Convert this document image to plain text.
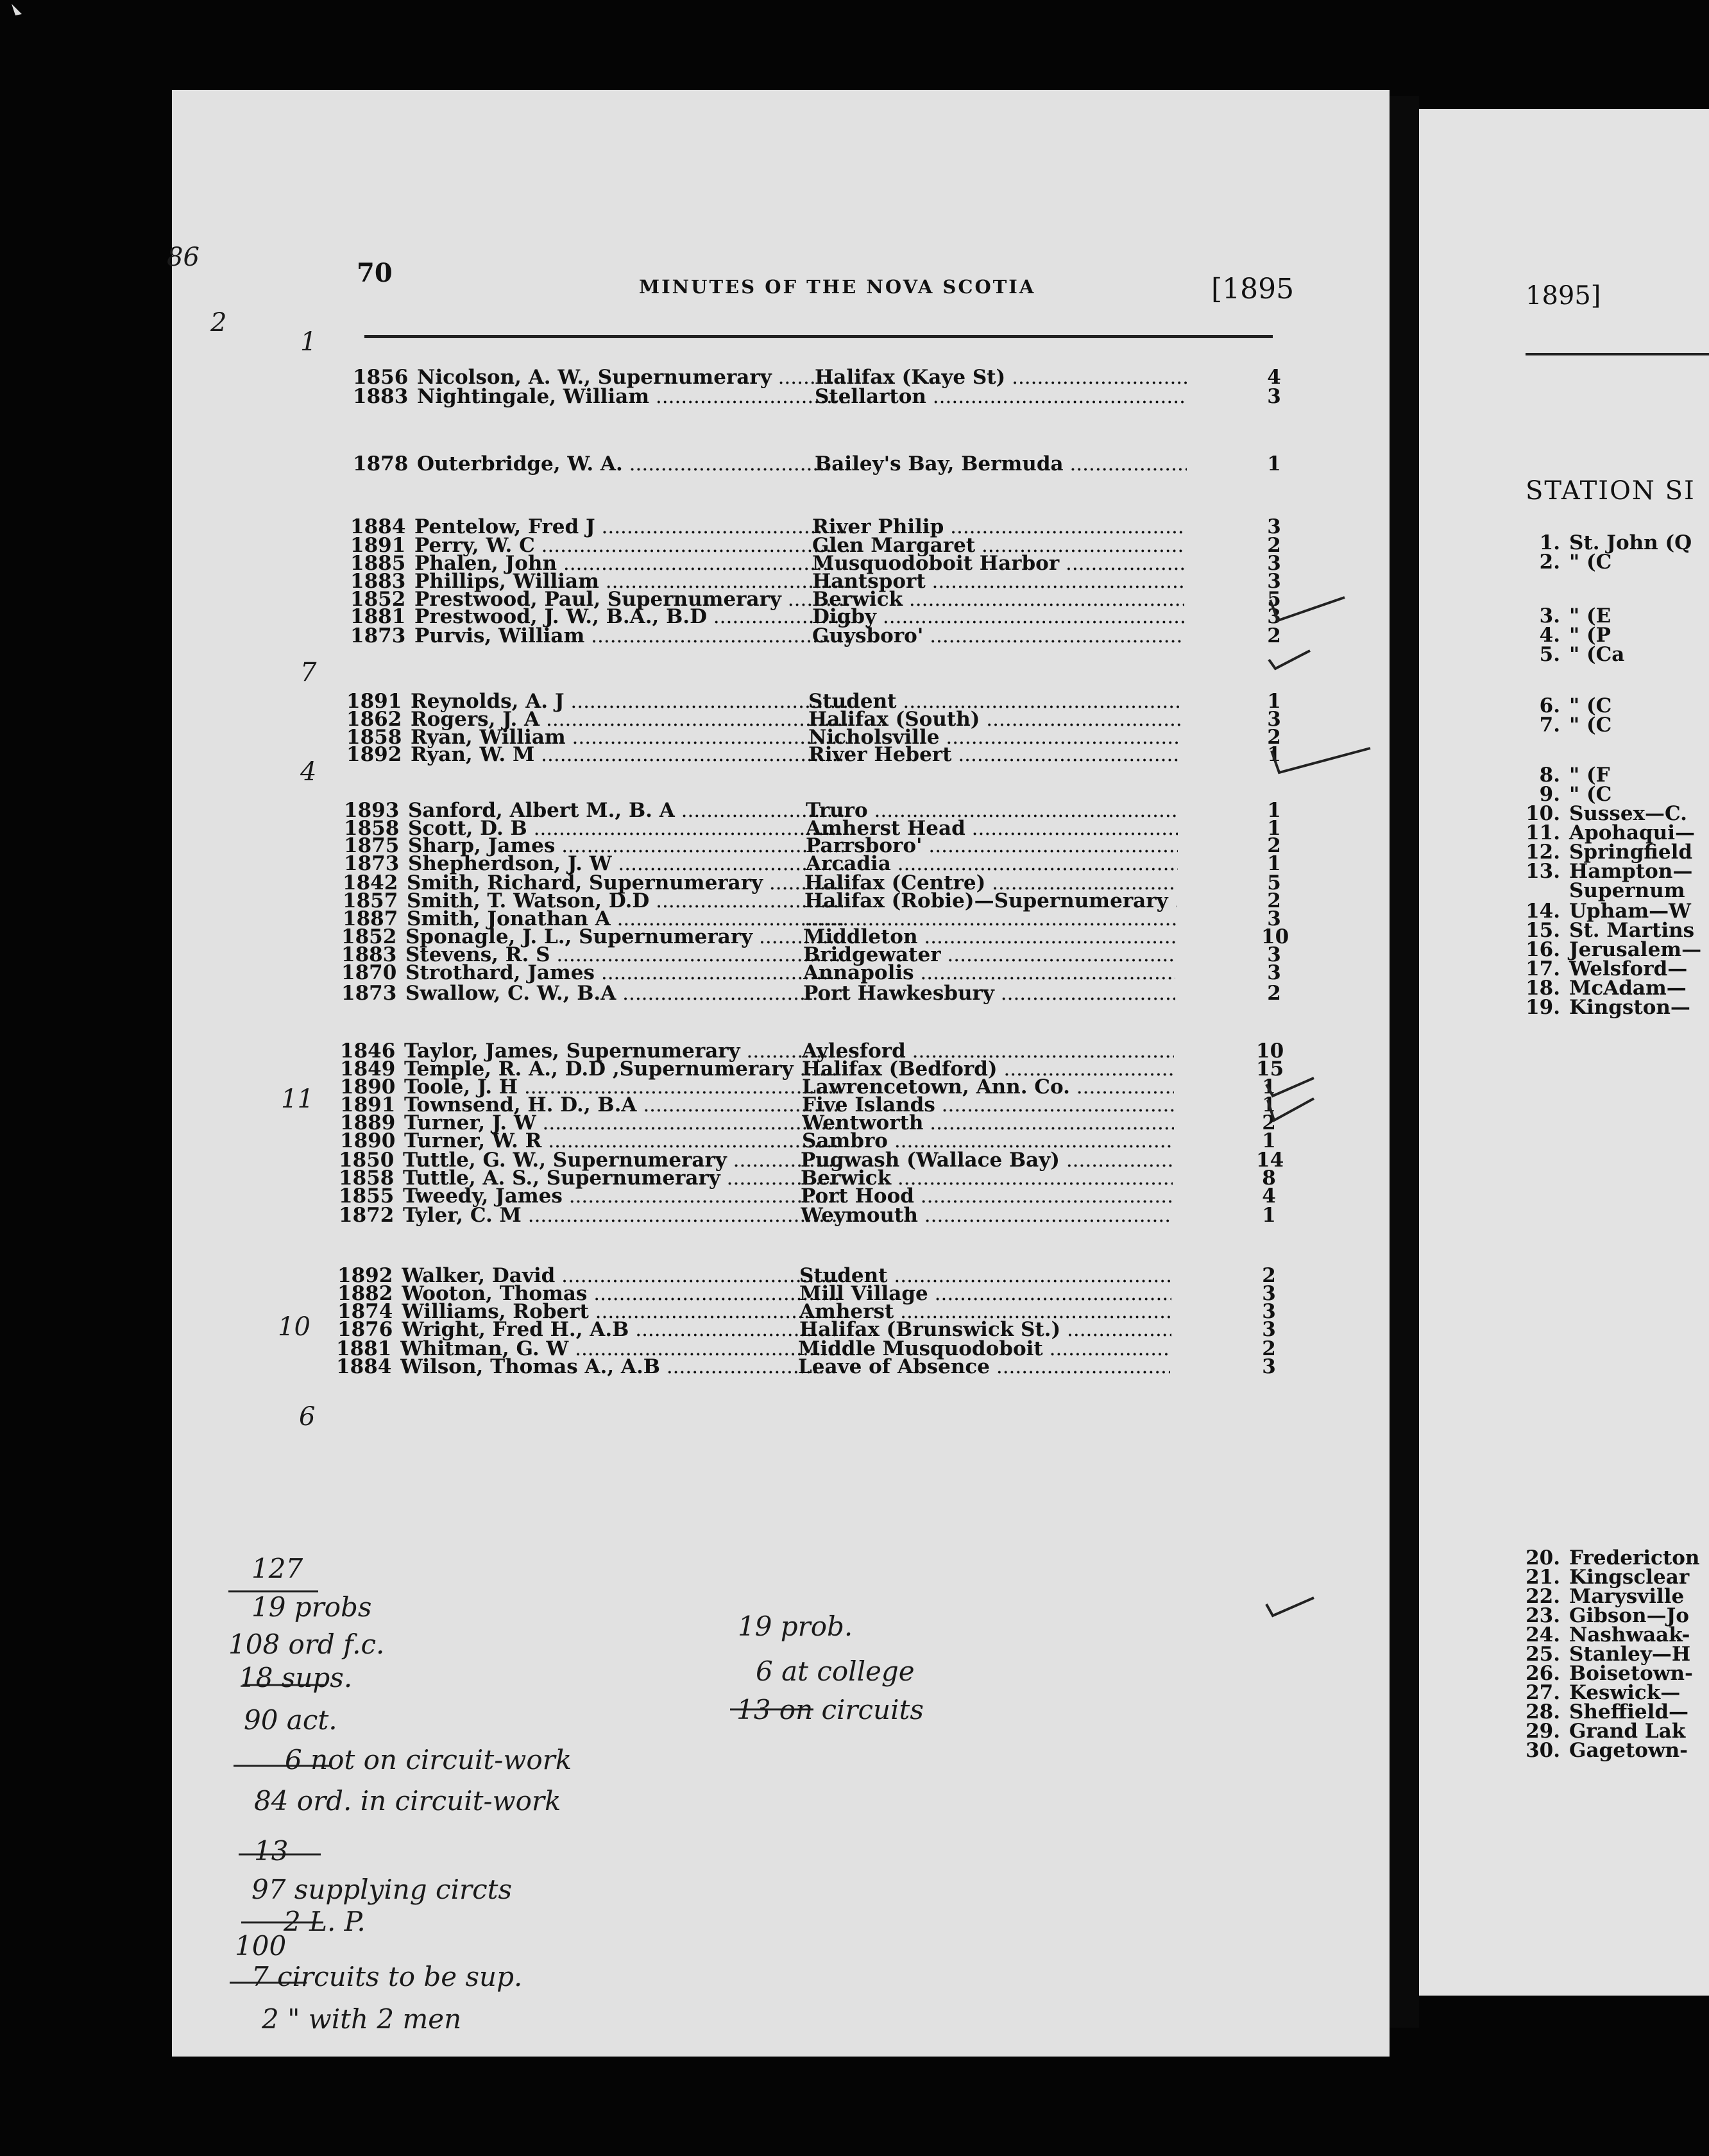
70	MINUTES OF THE NOVA SCOTIA	[1895
1856 Nicolson, A. W., Supernumerary .....	Halifax (Kaye St) .....	4
1883 Nightingale, William .....	Stellarton .....	3
1878 Outerbridge, W. A. .....	Bailey's Bay, Bermuda .....	1
1884 Pentelow, Fred J .....	River Philip .....	3
1891 Perry, W. C .....	Glen Margaret .....	2
1885 Phalen, John .....	Musquodoboit Harbor .....	3
1883 Phillips, William .....	Hantsport .....	3
1852 Prestwood, Paul, Supernumerary .....	Berwick .....	5
1881 Prestwood, J. W., B.A., B.D .....	Digby .....	3
1873 Purvis, William .....	Guysboro' .....	2
1891 Reynolds, A. J .....	Student .....	1
1862 Rogers, J. A .....	Halifax (South) .....	3
1858 Ryan, William .....	Nicholsville .....	2
1892 Ryan, W. M .....	River Hebert .....	1
1893 Sanford, Albert M., B. A .....	Truro .....	1
1858 Scott, D. B .....	Amherst Head .....	1
1875 Sharp, James .....	Parrsboro' .....	2
1873 Shepherdson, J. W .....	Arcadia .....	1
1842 Smith, Richard, Supernumerary .....	Halifax (Centre) .....	5
1857 Smith, T. Watson, D.D .....	Halifax (Robie)—Supernumerary .....	2
1887 Smith, Jonathan A ..... .....	3
1852 Sponagle, J. L., Supernumerary .....	Middleton .....	10
1883 Stevens, R. S .....	Bridgewater .....	3
1870 Strothard, James .....	Annapolis .....	3
1873 Swallow, C. W., B.A .....	Port Hawkesbury .....	2
1846 Taylor, James, Supernumerary .....	Aylesford .....	10
1849 Temple, R. A., D.D ,Supernumerary ..... Halifax (Bedford) .....	15
1890 Toole, J. H .....	Lawrencetown, Ann. Co. .....	1
1891 Townsend, H. D., B.A .....	Five Islands .....	1
1889 Turner, J. W .....	Wentworth .....	2
1890 Turner, W. R .....	Sambro .....	1
1850 Tuttle, G. W., Supernumerary .....	Pugwash (Wallace Bay) .....	14
1858 Tuttle, A. S., Supernumerary .....	Berwick .....	8
1855 Tweedy, James .....	Port Hood .....	4
1872 Tyler, C. M .....	Weymouth .....	1
1892 Walker, David .....	Student .....	2
1882 Wooton, Thomas .....	Mill Village .....	3
1874 Williams, Robert .....	Amherst .....	3
1876 Wright, Fred H., A.B .....	Halifax (Brunswick St.) .....	3
1881 Whitman, G. W .....	Middle Musquodoboit .....	2
1884 Wilson, Thomas A., A.B .....	Leave of Absence .....	3
86
2
1
7
4
11
10
6
127
19 probs
108 ord f.c.
18 sups.
90 act.
6 not on circuit-work
84 ord. in circuit-work
13
97 supplying circts
2 L. P.
100
7 circuits to be sup.
2 " with 2 men
19 prob.
6 at college
13 on circuits
1895]
STATION SI
1. St. John (Q
2. " (C
3. " (E
4. " (P
5. " (Ca
6. " (C
7. " (C
8. " (F
9. " (C
10. Sussex—C.
11. Apohaqui—
12. Springfield
13. Hampton—
Supernum
14. Upham—W
15. St. Martins
16. Jerusalem—
17. Welsford—
18. McAdam—
19. Kingston—
20. Fredericton
21. Kingsclear
22. Marysville
23. Gibson—Jo
24. Nashwaak-
25. Stanley—H
26. Boisetown-
27. Keswick—
28. Sheffield—
29. Grand Lak
30. Gagetown-
